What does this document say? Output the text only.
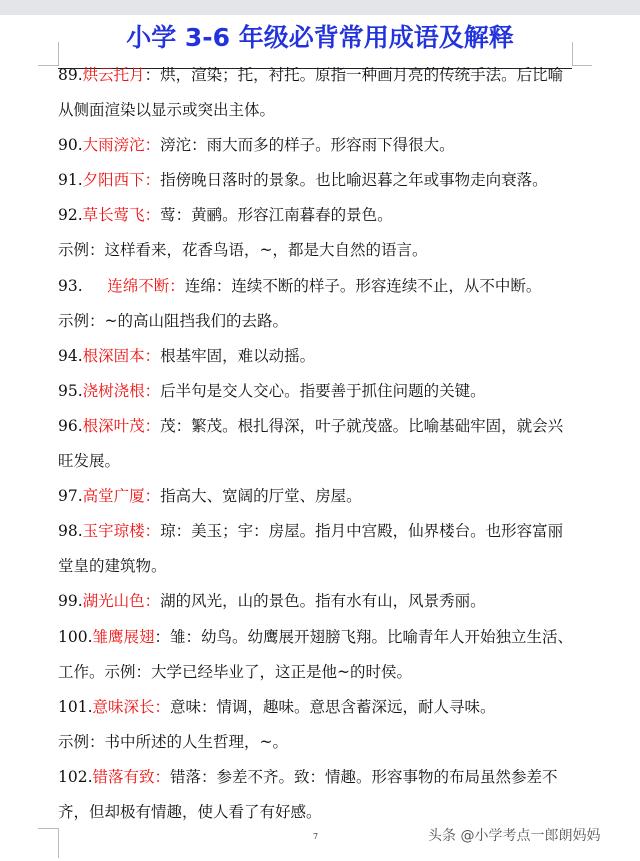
小学 3-6 年级必背常用成语及解释
89.烘云托月：烘，渲染；托，衬托。原指一种画月亮的传统手法。后比喻
从侧面渲染以显示或突出主体。
90.大雨滂沱：滂沱：雨大而多的样子。形容雨下得很大。
91.夕阳西下：指傍晚日落时的景象。也比喻迟暮之年或事物走向衰落。
92.草长莺飞：莺：黄鹂。形容江南暮春的景色。
示例：这样看来，花香鸟语，~，都是大自然的语言。
93.     连绵不断：连绵：连续不断的样子。形容连续不止，从不中断。
示例：~的高山阻挡我们的去路。
94.根深固本：根基牢固，难以动摇。
95.浇树浇根：后半句是交人交心。指要善于抓住问题的关键。
96.根深叶茂：茂：繁茂。根扎得深，叶子就茂盛。比喻基础牢固，就会兴
旺发展。
97.高堂广厦：指高大、宽阔的厅堂、房屋。
98.玉宇琼楼：琼：美玉；宇：房屋。指月中宫殿，仙界楼台。也形容富丽
堂皇的建筑物。
99.湖光山色：湖的风光，山的景色。指有水有山，风景秀丽。
100.雏鹰展翅：雏：幼鸟。幼鹰展开翅膀飞翔。比喻青年人开始独立生活、
工作。示例：大学已经毕业了，这正是他~的时侯。
101.意味深长：意味：情调，趣味。意思含蓄深远，耐人寻味。
示例：书中所述的人生哲理，~。
102.错落有致：错落：参差不齐。致：情趣。形容事物的布局虽然参差不
齐，但却极有情趣，使人看了有好感。
7	头条 @小学考点一郎朗妈妈
